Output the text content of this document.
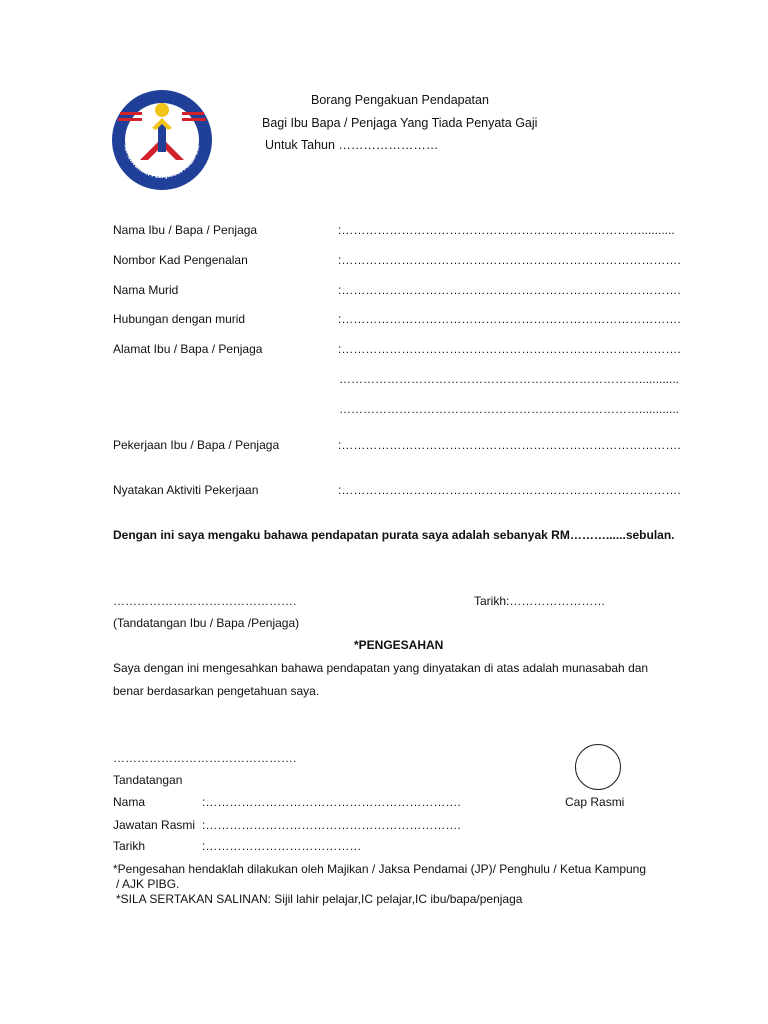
KEMENTERIAN PELAJARAN MALAYSIA
Borang Pengakuan Pendapatan
Bagi Ibu Bapa / Penjaga Yang Tiada Penyata Gaji
Untuk Tahun ……………………
Nama Ibu / Bapa / Penjaga	:…………………………………………………………………..........
Nombor Kad Pengenalan	:………………………………………………………………………….
Nama Murid	:………………………………………………………………………….
Hubungan dengan murid	:………………………………………………………………………….
Alamat Ibu / Bapa / Penjaga	:………………………………………………………………………….
…………………………………………………………………............
…………………………………………………………………............
Pekerjaan Ibu / Bapa / Penjaga	:………………………………………………………………………….
Nyatakan Aktiviti Pekerjaan	:………………………………………………………………………….
Dengan ini saya mengaku bahawa pendapatan purata saya adalah sebanyak RM………......sebulan.
……………………………………….	Tarikh:……………………
(Tandatangan Ibu / Bapa /Penjaga)
*PENGESAHAN
Saya dengan ini mengesahkan bahawa pendapatan yang dinyatakan di atas adalah munasabah dan
benar berdasarkan pengetahuan saya.
……………………………………….
Tandatangan
Cap Rasmi
Nama	:……………………………………………………….
Jawatan Rasmi :……………………………………………………….
Tarikh	:…………………………………
*Pengesahan hendaklah dilakukan oleh Majikan / Jaksa Pendamai (JP)/ Penghulu / Ketua Kampung
/ AJK PIBG.
*SILA SERTAKAN SALINAN: Sijil lahir pelajar,IC pelajar,IC ibu/bapa/penjaga
